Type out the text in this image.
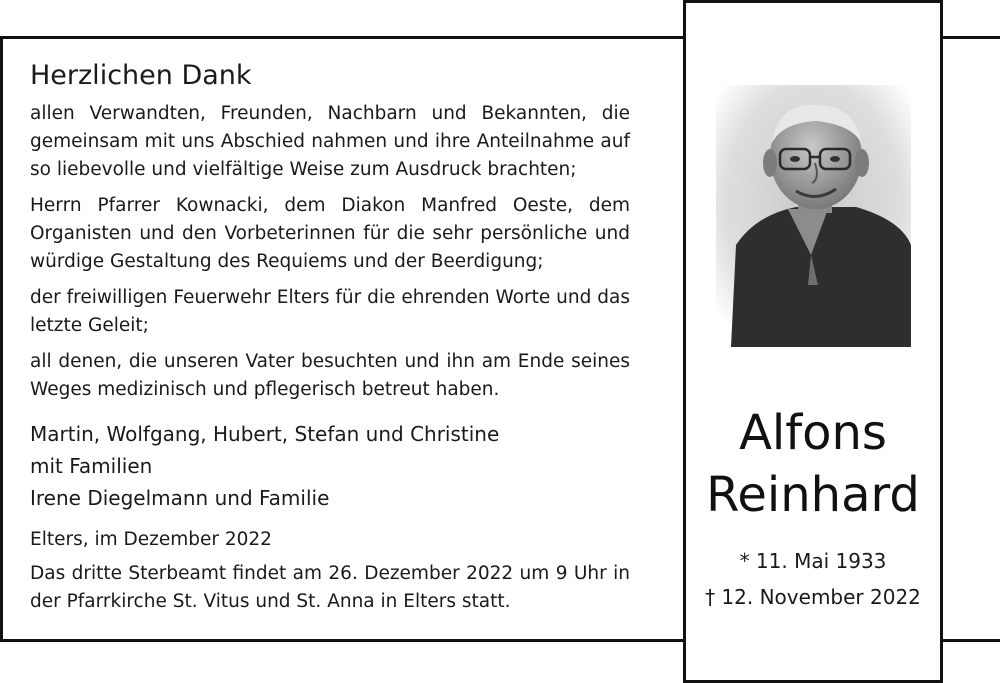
Herzlichen Dank

allen Verwandten, Freunden, Nachbarn und Bekannten, die gemeinsam mit uns Abschied nahmen und ihre Anteilnahme auf so liebevolle und vielfältige Weise zum Ausdruck brachten;

Herrn Pfarrer Kownacki, dem Diakon Manfred Oeste, dem Organisten und den Vorbeterinnen für die sehr persönliche und würdige Gestaltung des Requiems und der Beerdigung;

der freiwilligen Feuerwehr Elters für die ehrenden Worte und das letzte Geleit;

all denen, die unseren Vater besuchten und ihn am Ende seines Weges medizinisch und pflegerisch betreut haben.

Martin, Wolfgang, Hubert, Stefan und Christine
mit Familien
Irene Diegelmann und Familie
Elters, im Dezember 2022
Das dritte Sterbeamt findet am 26. Dezember 2022 um 9 Uhr in der Pfarrkirche St. Vitus und St. Anna in Elters statt.
Alfons
Reinhard
* 11. Mai 1933
† 12. November 2022
